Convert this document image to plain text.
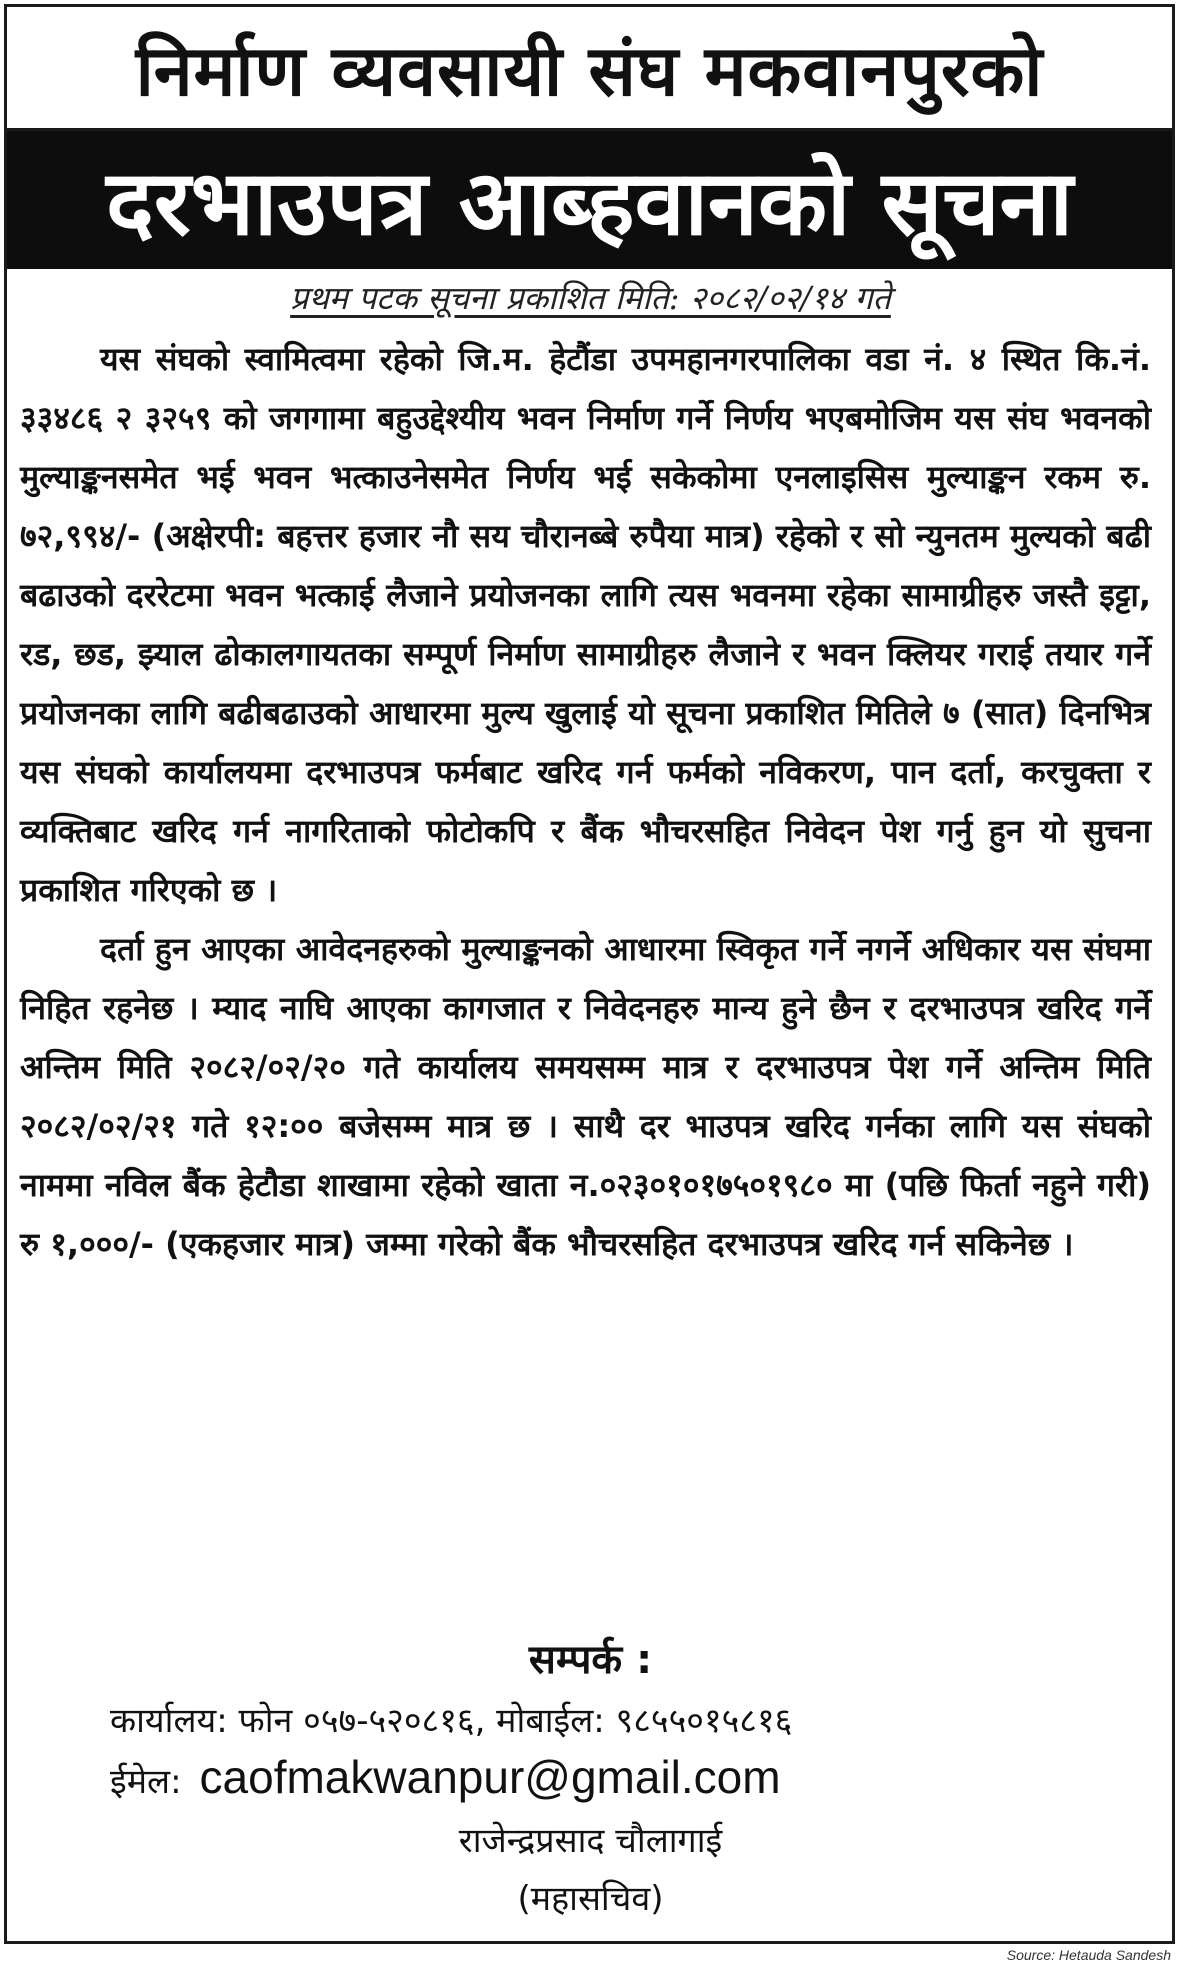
निर्माण व्यवसायी संघ मकवानपुरको
दरभाउपत्र आब्हवानको सूचना
प्रथम पटक सूचना प्रकाशित मिति: २०८२/०२/१४ गते

यस संघको स्वामित्वमा रहेको जि.म. हेटौंडा उपमहानगरपालिका वडा नं. ४ स्थित कि.नं. ३३४८६ २ ३२५९ को जगगामा बहुउद्देश्यीय भवन निर्माण गर्ने निर्णय भएबमोजिम यस संघ भवनको मुल्याङ्कनसमेत भई भवन भत्काउनेसमेत निर्णय भई सकेकोमा एनलाइसिस मुल्याङ्कन रकम रु. ७२,९९४/- (अक्षेरपी: बहत्तर हजार नौ सय चौरानब्बे रुपैया मात्र) रहेको र सो न्युनतम मुल्यको बढी बढाउको दररेटमा भवन भत्काई लैजाने प्रयोजनका लागि त्यस भवनमा रहेका सामाग्रीहरु जस्तै इट्टा, रड, छड, झ्याल ढोकालगायतका सम्पूर्ण निर्माण सामाग्रीहरु लैजाने र भवन क्लियर गराई तयार गर्ने प्रयोजनका लागि बढीबढाउको आधारमा मुल्य खुलाई यो सूचना प्रकाशित मितिले ७ (सात) दिनभित्र यस संघको कार्यालयमा दरभाउपत्र फर्मबाट खरिद गर्न फर्मको नविकरण, पान दर्ता, करचुक्ता र व्यक्तिबाट खरिद गर्न नागरिताको फोटोकपि र बैंक भौचरसहित निवेदन पेश गर्नु हुन यो सुचना प्रकाशित गरिएको छ ।

दर्ता हुन आएका आवेदनहरुको मुल्याङ्कनको आधारमा स्विकृत गर्ने नगर्ने अधिकार यस संघमा निहित रहनेछ । म्याद नाघि आएका कागजात र निवेदनहरु मान्य हुने छैन र दरभाउपत्र खरिद गर्ने अन्तिम मिति २०८२/०२/२० गते कार्यालय समयसम्म मात्र र दरभाउपत्र पेश गर्ने अन्तिम मिति २०८२/०२/२१ गते १२:०० बजेसम्म मात्र छ । साथै दर भाउपत्र खरिद गर्नका लागि यस संघको नाममा नविल बैंक हेटौडा शाखामा रहेको खाता न.०२३०१०१७५०१९८० मा (पछि फिर्ता नहुने गरी) रु १,०००/- (एकहजार मात्र) जम्मा गरेको बैंक भौचरसहित दरभाउपत्र खरिद गर्न सकिनेछ ।

सम्पर्क :
कार्यालय: फोन ०५७-५२०८१६, मोबाईल: ९८५५०१५८१६
ईमेल: caofmakwanpur@gmail.com
राजेन्द्रप्रसाद चौलागाई
(महासचिव)
Source: Hetauda Sandesh
